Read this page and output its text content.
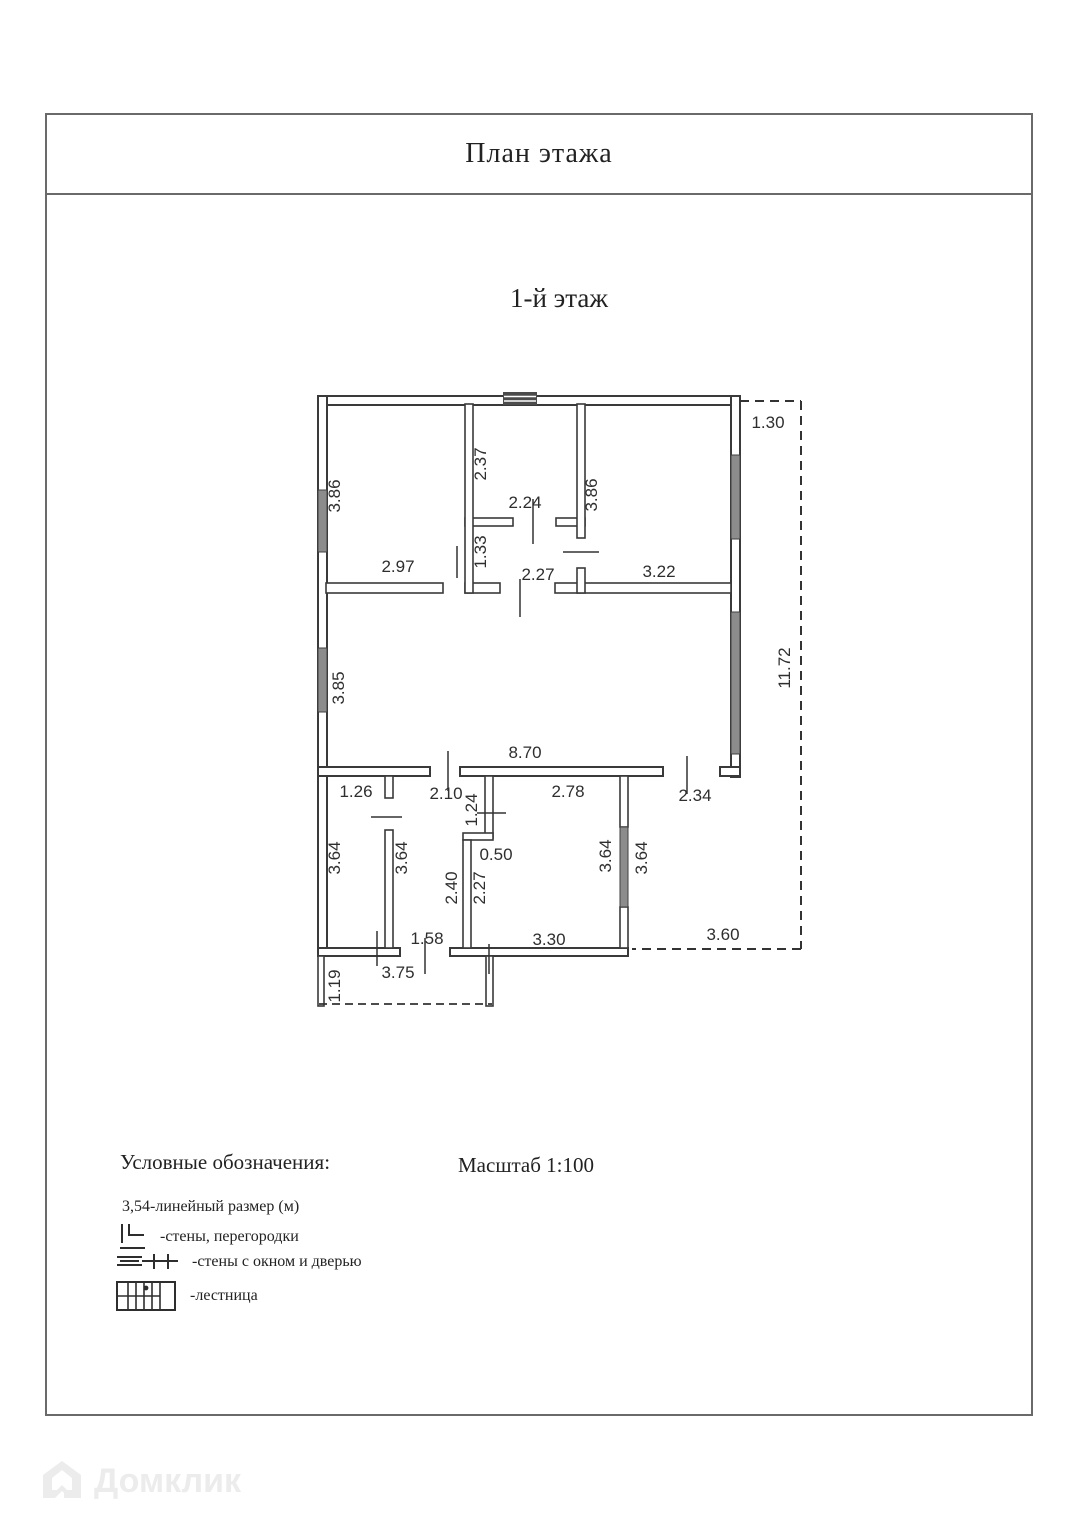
План этажа
1-й этаж
3.86
2.97
2.37
2.24
1.33
2.27
3.86
3.22
1.30
11.72
3.85
8.70
1.26
3.64
2.10
3.64
1.58
1.24
0.50
2.40 2.27
2.78
3.64
3.30
2.34
3.64
3.60
3.75
1.19
Условные обозначения:	Масштаб 1:100
3,54-линейный размер (м)
-стены, перегородки
-стены с окном и дверью
-лестница
Домклик
